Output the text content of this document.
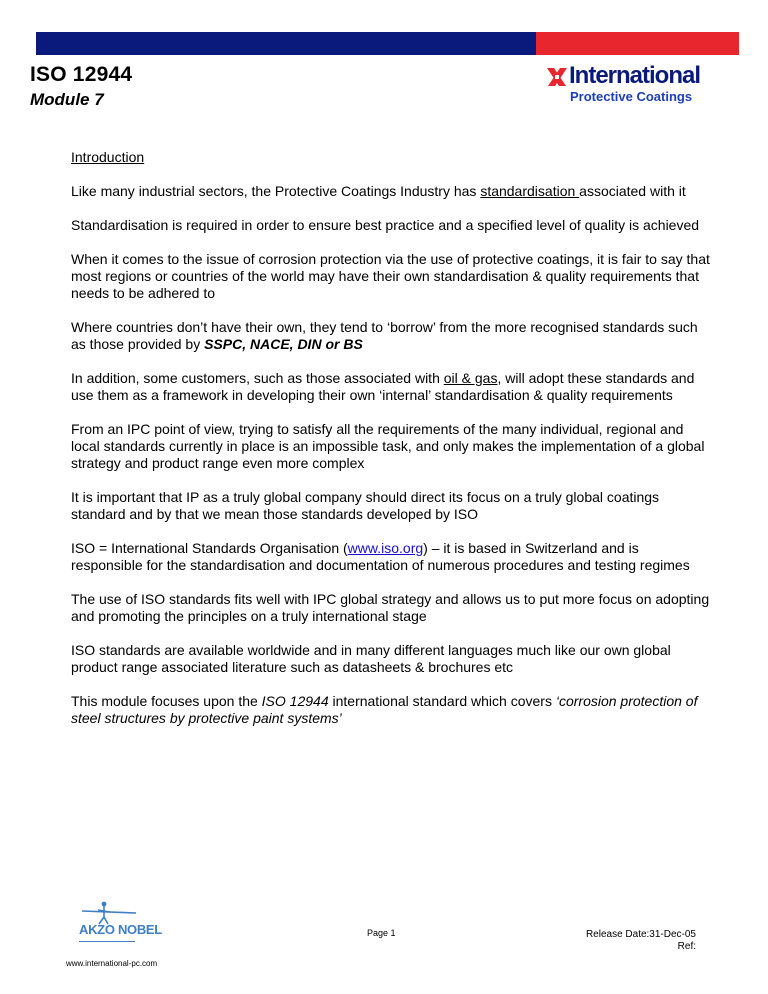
ISO 12944
Module 7
International
Protective Coatings

Introduction

Like many industrial sectors, the Protective Coatings Industry has standardisation associated with it

Standardisation is required in order to ensure best practice and a specified level of quality is achieved

When it comes to the issue of corrosion protection via the use of protective coatings, it is fair to say that most regions or countries of the world may have their own standardisation & quality requirements that needs to be adhered to

Where countries don’t have their own, they tend to ‘borrow’ from the more recognised standards such as those provided by SSPC, NACE, DIN or BS

In addition, some customers, such as those associated with oil & gas, will adopt these standards and use them as a framework in developing their own ‘internal’ standardisation & quality requirements

From an IPC point of view, trying to satisfy all the requirements of the many individual, regional and local standards currently in place is an impossible task, and only makes the implementation of a global strategy and product range even more complex

It is important that IP as a truly global company should direct its focus on a truly global coatings standard and by that we mean those standards developed by ISO

ISO = International Standards Organisation (www.iso.org) – it is based in Switzerland and is responsible for the standardisation and documentation of numerous procedures and testing regimes

The use of ISO standards fits well with IPC global strategy and allows us to put more focus on adopting and promoting the principles on a truly international stage

ISO standards are available worldwide and in many different languages much like our own global product range associated literature such as datasheets & brochures etc

This module focuses upon the ISO 12944 international standard which covers ‘corrosion protection of steel structures by protective paint systems’

AKZO NOBEL
www.international-pc.com
Page 1	Release Date:31-Dec-05
Ref:
